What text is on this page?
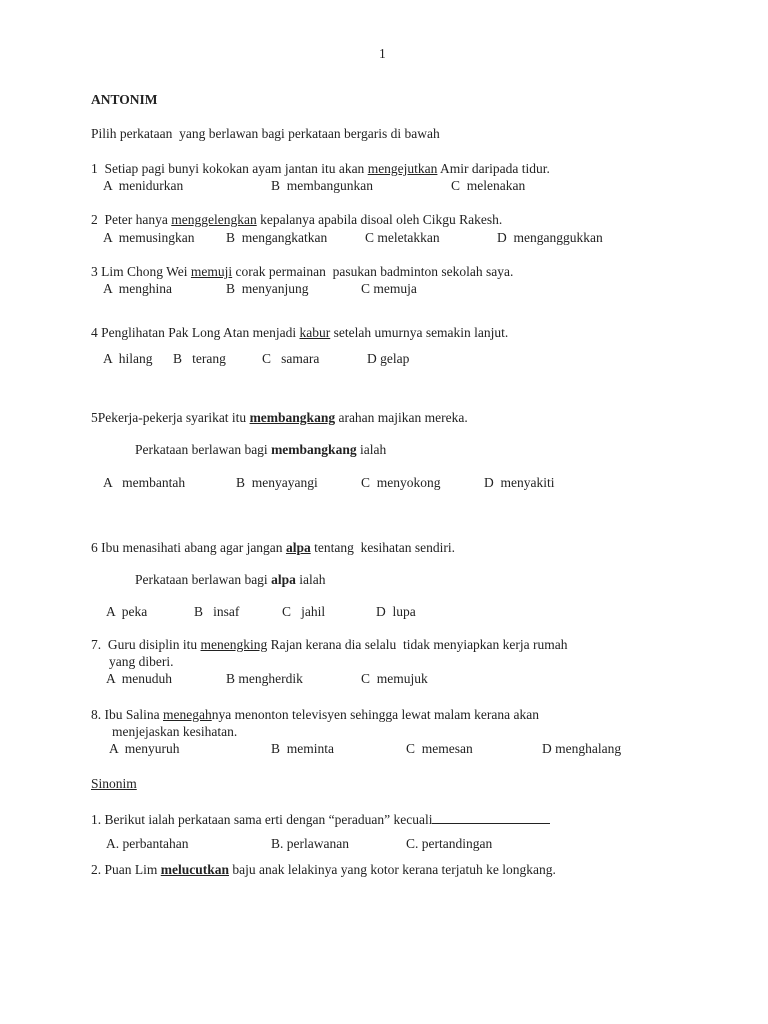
1
ANTONIM
Pilih perkataan  yang berlawan bagi perkataan bergaris di bawah
1  Setiap pagi bunyi kokokan ayam jantan itu akan mengejutkan Amir daripada tidur.
A  menidurkan	B  membangunkan	C  melenakan
2  Peter hanya menggelengkan kepalanya apabila disoal oleh Cikgu Rakesh.
A  memusingkan B  mengangkatkan	C meletakkan	D  menganggukkan
3 Lim Chong Wei memuji corak permainan  pasukan badminton sekolah saya.
A  menghina	B  menyanjung	C memuja
4 Penglihatan Pak Long Atan menjadi kabur setelah umurnya semakin lanjut.
A  hilang B   terang	C   samara	D gelap
5Pekerja-pekerja syarikat itu membangkang arahan majikan mereka.
Perkataan berlawan bagi membangkang ialah
A   membantah	B  menyayangi	C  menyokong	D  menyakiti
6 Ibu menasihati abang agar jangan alpa tentang  kesihatan sendiri.
Perkataan berlawan bagi alpa ialah
A  peka	B   insaf	C   jahil	D  lupa
7.  Guru disiplin itu menengking Rajan kerana dia selalu  tidak menyiapkan kerja rumah
yang diberi.
A  menuduh	B mengherdik	C  memujuk
8. Ibu Salina menegahnya menonton televisyen sehingga lewat malam kerana akan
menjejaskan kesihatan.
A  menyuruh	B  meminta	C  memesan	D menghalang
Sinonim
1. Berikut ialah perkataan sama erti dengan “peraduan” kecuali
A. perbantahan	B. perlawanan	C. pertandingan
2. Puan Lim melucutkan baju anak lelakinya yang kotor kerana terjatuh ke longkang.
